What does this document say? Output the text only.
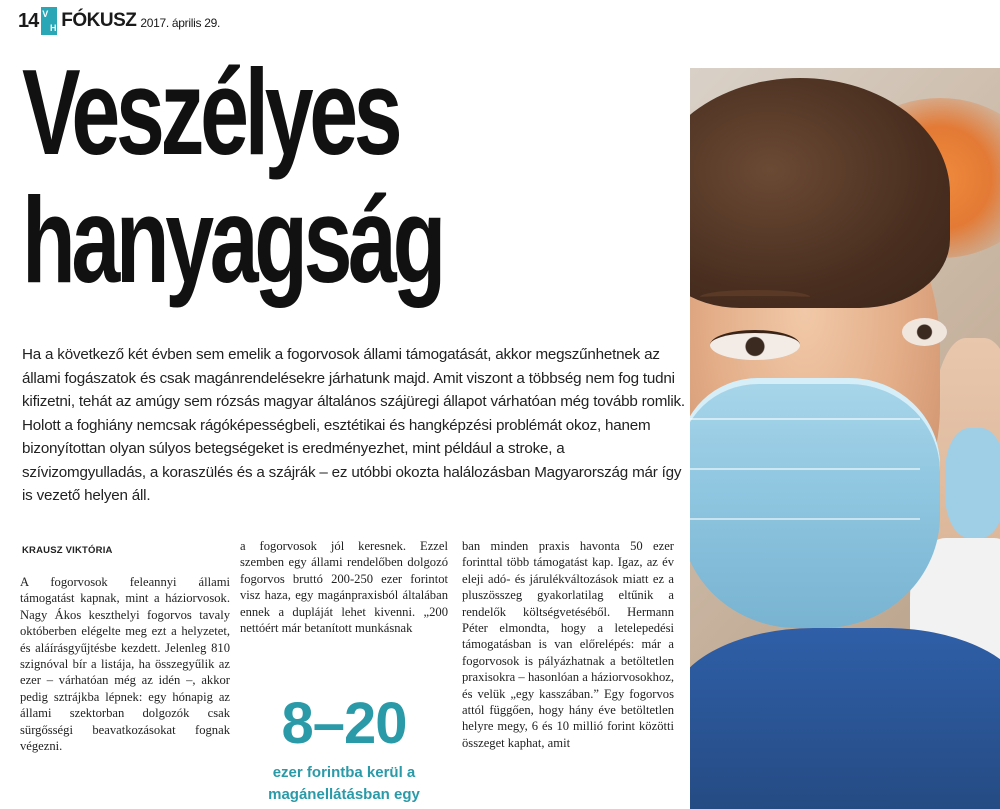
14 V
H FÓKUSZ 2017. április 29.
Veszélyes
hanyagság

Ha a következő két évben sem emelik a fogorvosok állami támogatását, akkor megszűnhetnek az állami fogászatok és csak magánrendelésekre járhatunk majd. Amit viszont a többség nem fog tudni kifizetni, tehát az amúgy sem rózsás magyar általános szájüregi állapot várhatóan még tovább romlik. Holott a foghiány nemcsak rágóképességbeli, esztétikai és hangképzési problémát okoz, hanem bizonyítottan olyan súlyos betegségeket is eredményezhet, mint például a stroke, a szívizomgyulladás, a koraszülés és a szájrák – ez utóbbi okozta halálozásban Magyarország már így is vezető helyen áll.

KRAUSZ VIKTÓRIA

A fogorvosok feleannyi állami támogatást kapnak, mint a háziorvosok. Nagy Ákos keszthelyi fogorvos tavaly októberben elégelte meg ezt a helyzetet, és aláírásgyűjtésbe kezdett. Jelenleg 810 szignóval bír a listája, ha összegyűlik az ezer – várhatóan még az idén –, akkor pedig sztrájkba lépnek: egy hónapig az állami szektorban dolgozók csak sürgősségi beavatkozásokat fognak végezni.

a fogorvosok jól keresnek. Ezzel szemben egy állami rendelőben dolgozó fogorvos bruttó 200-250 ezer forintot visz haza, egy magánpraxisból általában ennek a dupláját lehet kivenni. „200 nettóért már betanított munkásnak

ban minden praxis havonta 50 ezer forinttal több támogatást kap. Igaz, az év eleji adó- és járulékváltozások miatt ez a pluszösszeg gyakorlatilag eltűnik a rendelők költségvetéséből. Hermann Péter elmondta, hogy a letelepedési támogatásban is van előrelépés: már a fogorvosok is pályázhatnak a betöltetlen praxisokra – hasonlóan a háziorvosokhoz, és velük „egy kasszában.” Egy fogorvos attól függően, hogy hány éve betöltetlen helyre megy, 6 és 10 millió forint közötti összeget kaphat, amit

8–20
ezer forintba kerül a magánellátásban egy
